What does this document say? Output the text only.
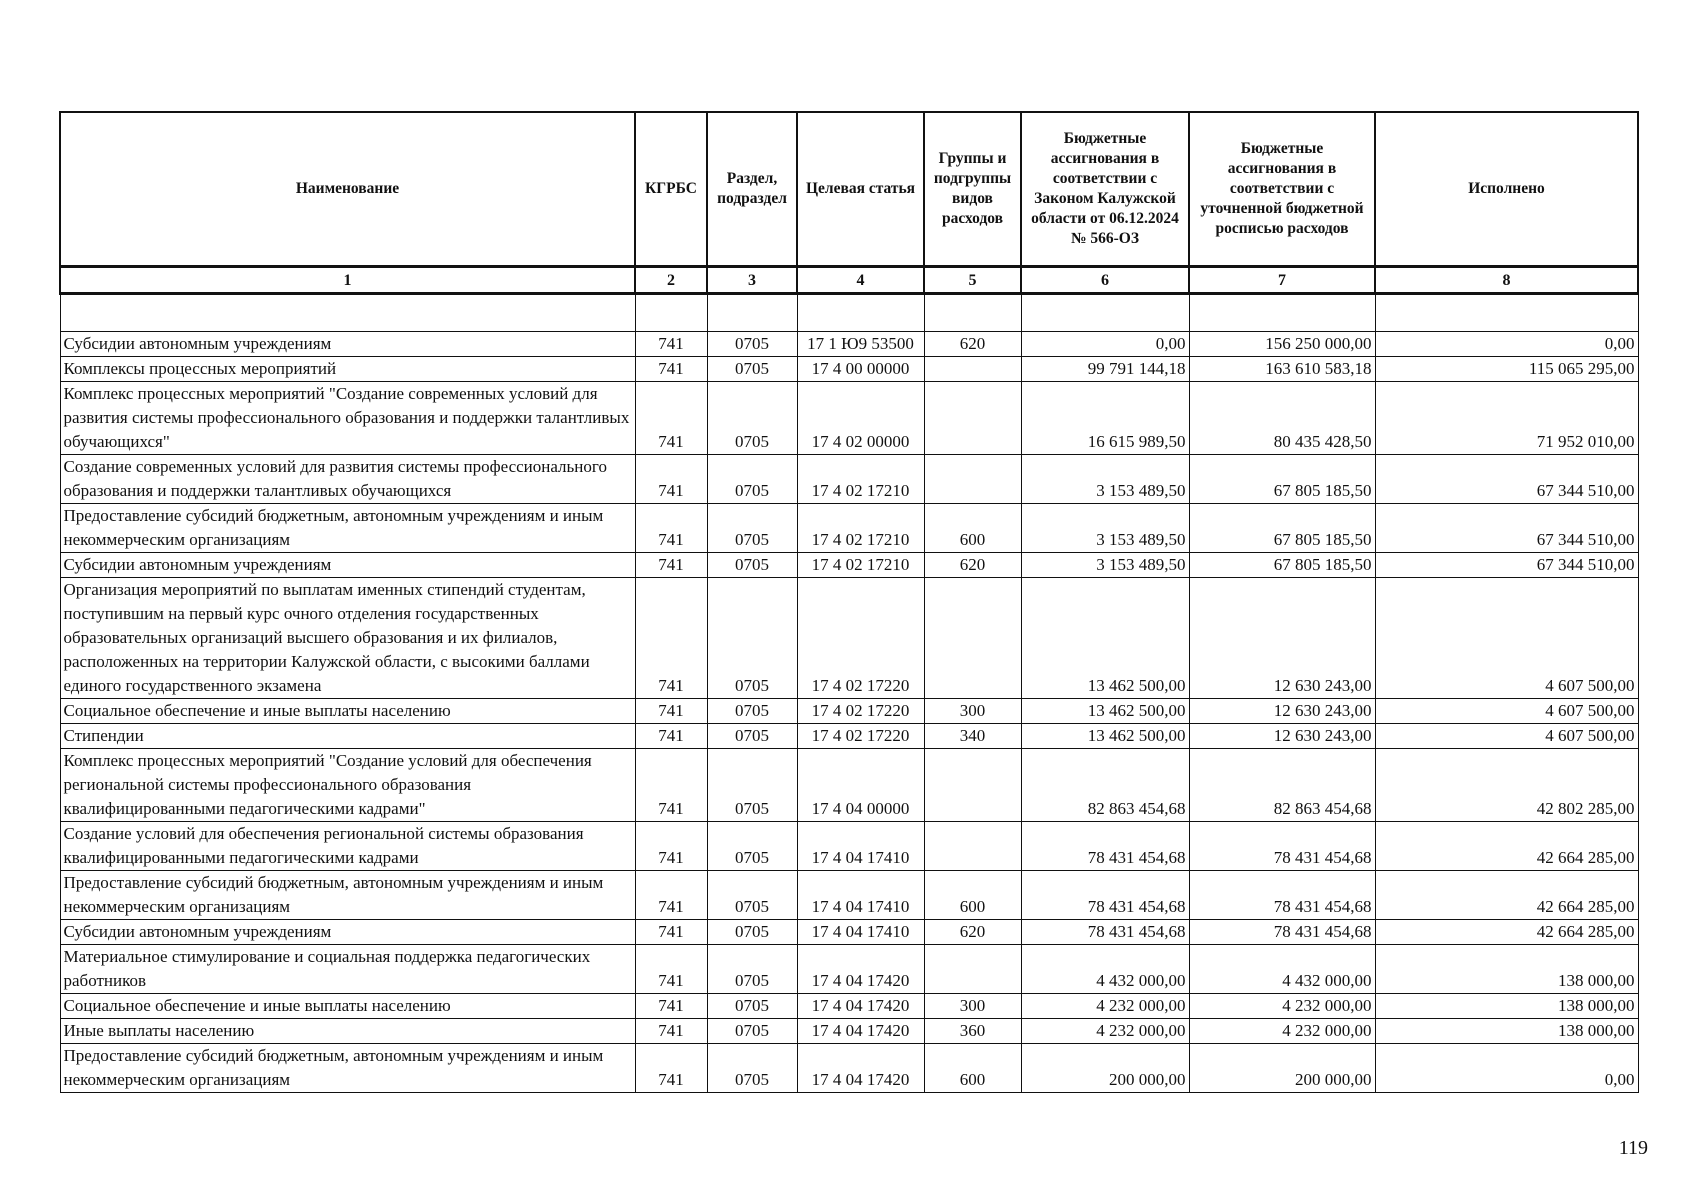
Наименование	КГРБС	Раздел, подраздел	Целевая статья	Группы и подгруппы видов расходов	Бюджетные ассигнования в соответствии с Законом Калужской области от 06.12.2024 № 566-ОЗ	Бюджетные ассигнования в соответствии с уточненной бюджетной росписью расходов	Исполнено
1	2	3	4	5	6	7	8

Субсидии автономным учреждениям	741	0705	17 1 Ю9 53500	620	0,00	156 250 000,00	0,00
Комплексы процессных мероприятий	741	0705	17 4 00 00000		99 791 144,18	163 610 583,18	115 065 295,00
Комплекс процессных мероприятий "Создание современных условий для развития системы профессионального образования и поддержки талантливых обучающихся"	741	0705	17 4 02 00000		16 615 989,50	80 435 428,50	71 952 010,00
Создание современных условий для развития системы профессионального образования и поддержки талантливых обучающихся	741	0705	17 4 02 17210		3 153 489,50	67 805 185,50	67 344 510,00
Предоставление субсидий бюджетным, автономным учреждениям и иным некоммерческим организациям	741	0705	17 4 02 17210	600	3 153 489,50	67 805 185,50	67 344 510,00
Субсидии автономным учреждениям	741	0705	17 4 02 17210	620	3 153 489,50	67 805 185,50	67 344 510,00
Организация мероприятий по выплатам именных стипендий студентам, поступившим на первый курс очного отделения государственных образовательных организаций высшего образования и их филиалов, расположенных на территории Калужской области, с высокими баллами единого государственного экзамена	741	0705	17 4 02 17220		13 462 500,00	12 630 243,00	4 607 500,00
Социальное обеспечение и иные выплаты населению	741	0705	17 4 02 17220	300	13 462 500,00	12 630 243,00	4 607 500,00
Стипендии	741	0705	17 4 02 17220	340	13 462 500,00	12 630 243,00	4 607 500,00
Комплекс процессных мероприятий "Создание условий для обеспечения региональной системы профессионального образования квалифицированными педагогическими кадрами"	741	0705	17 4 04 00000		82 863 454,68	82 863 454,68	42 802 285,00
Создание условий для обеспечения региональной системы образования квалифицированными педагогическими кадрами	741	0705	17 4 04 17410		78 431 454,68	78 431 454,68	42 664 285,00
Предоставление субсидий бюджетным, автономным учреждениям и иным некоммерческим организациям	741	0705	17 4 04 17410	600	78 431 454,68	78 431 454,68	42 664 285,00
Субсидии автономным учреждениям	741	0705	17 4 04 17410	620	78 431 454,68	78 431 454,68	42 664 285,00
Материальное стимулирование и социальная поддержка педагогических работников	741	0705	17 4 04 17420		4 432 000,00	4 432 000,00	138 000,00
Социальное обеспечение и иные выплаты населению	741	0705	17 4 04 17420	300	4 232 000,00	4 232 000,00	138 000,00
Иные выплаты населению	741	0705	17 4 04 17420	360	4 232 000,00	4 232 000,00	138 000,00
Предоставление субсидий бюджетным, автономным учреждениям и иным некоммерческим организациям	741	0705	17 4 04 17420	600	200 000,00	200 000,00	0,00
119
